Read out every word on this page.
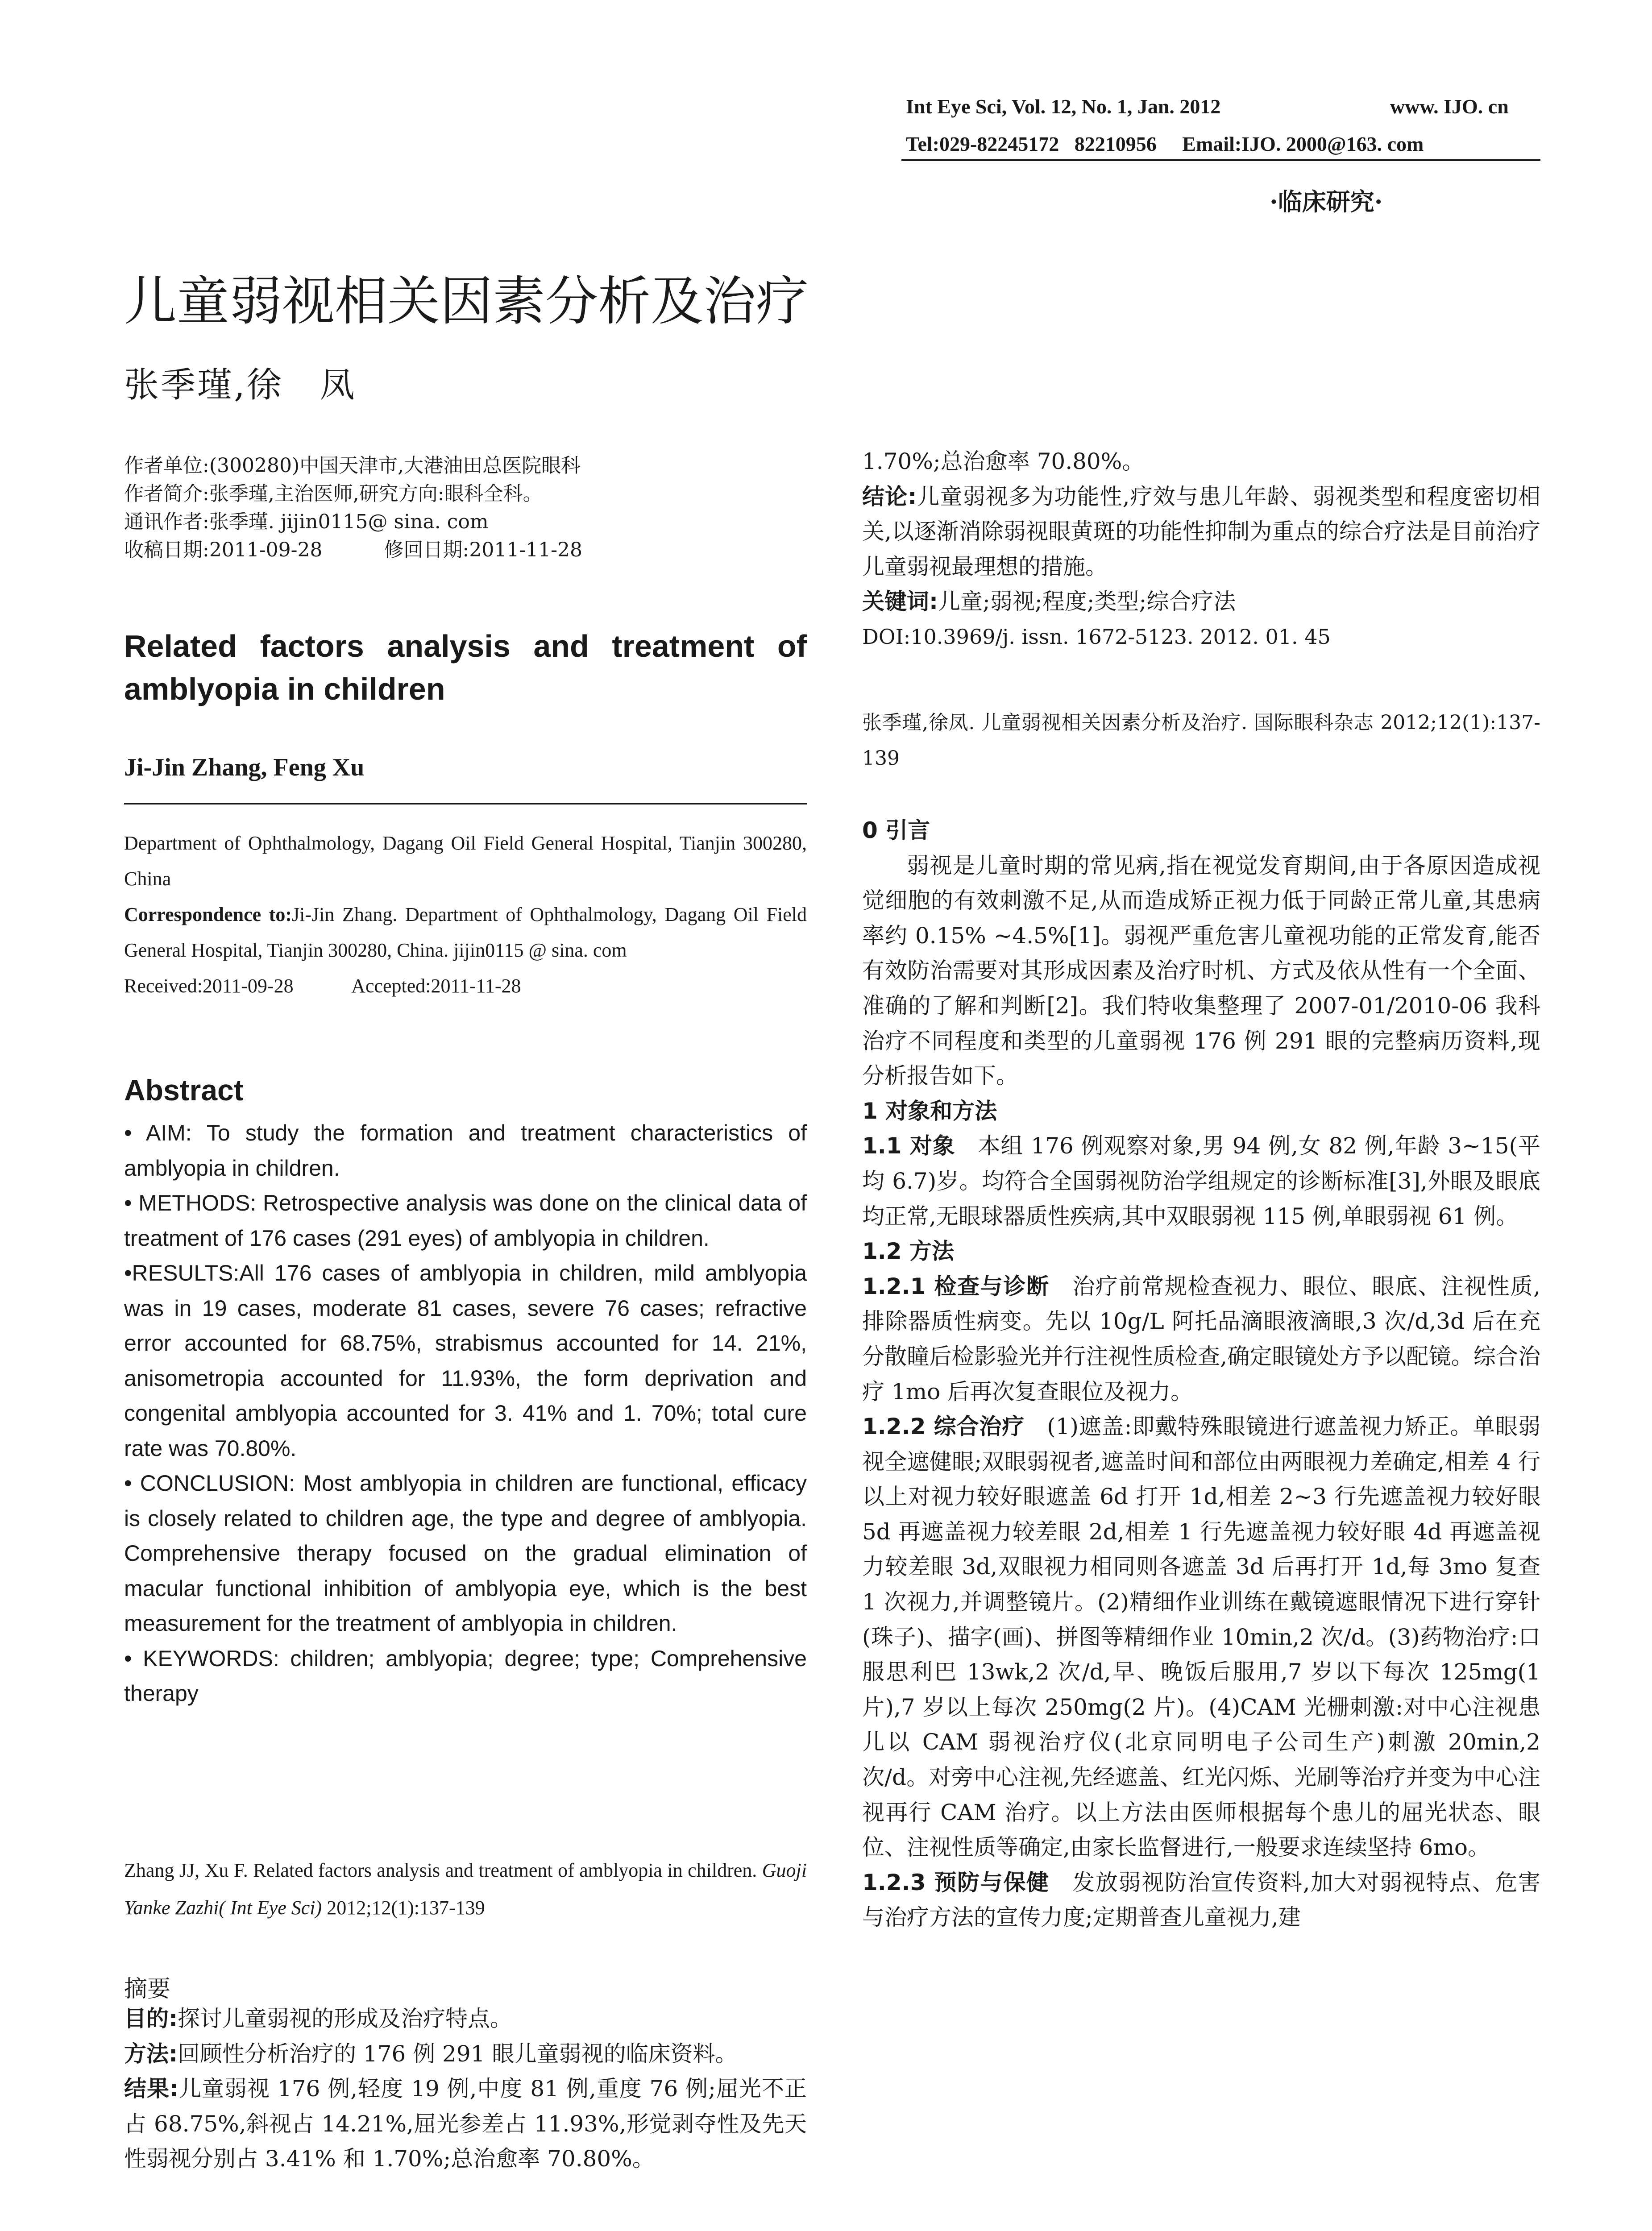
Int Eye Sci, Vol. 12, No. 1, Jan. 2012	www. IJO. cn
Tel:029-82245172   82210956     Email:IJO. 2000@163. com
·临床研究·
儿童弱视相关因素分析及治疗
张季瑾,徐　凤
作者单位:(300280)中国天津市,大港油田总医院眼科
作者简介:张季瑾,主治医师,研究方向:眼科全科。
通讯作者:张季瑾. jijin0115@ sina. com
收稿日期:2011-09-28	修回日期:2011-11-28
Related factors analysis and treatment of amblyopia in children
Ji-Jin Zhang, Feng Xu
Department of Ophthalmology, Dagang Oil Field General Hospital, Tianjin 300280, China
Correspondence to:Ji-Jin Zhang. Department of Ophthalmology, Dagang Oil Field General Hospital, Tianjin 300280, China. jijin0115 @ sina. com
Received:2011-09-28	Accepted:2011-11-28
Abstract

• AIM: To study the formation and treatment characteristics of amblyopia in children.

• METHODS: Retrospective analysis was done on the clinical data of treatment of 176 cases (291 eyes) of amblyopia in children.

•RESULTS:All 176 cases of amblyopia in children, mild amblyopia was in 19 cases, moderate 81 cases, severe 76 cases; refractive error accounted for 68.75%, strabismus accounted for 14. 21%, anisometropia accounted for 11.93%, the form deprivation and congenital amblyopia accounted for 3. 41% and 1. 70%; total cure rate was 70.80%.

• CONCLUSION: Most amblyopia in children are functional, efficacy is closely related to children age, the type and degree of amblyopia. Comprehensive therapy focused on the gradual elimination of macular functional inhibition of amblyopia eye, which is the best measurement for the treatment of amblyopia in children.

• KEYWORDS: children; amblyopia; degree; type; Comprehensive therapy

Zhang JJ, Xu F. Related factors analysis and treatment of amblyopia in children. Guoji Yanke Zazhi( Int Eye Sci) 2012;12(1):137-139
摘要

目的:探讨儿童弱视的形成及治疗特点。

方法:回顾性分析治疗的 176 例 291 眼儿童弱视的临床资料。

结果:儿童弱视 176 例,轻度 19 例,中度 81 例,重度 76 例;屈光不正占 68.75%,斜视占 14.21%,屈光参差占 11.93%,形觉剥夺性及先天性弱视分别占 3.41% 和 1.70%;总治愈率 70.80%。

1.70%;总治愈率 70.80%。

结论:儿童弱视多为功能性,疗效与患儿年龄、弱视类型和程度密切相关,以逐渐消除弱视眼黄斑的功能性抑制为重点的综合疗法是目前治疗儿童弱视最理想的措施。

关键词:儿童;弱视;程度;类型;综合疗法

DOI:10.3969/j. issn. 1672-5123. 2012. 01. 45

张季瑾,徐凤. 儿童弱视相关因素分析及治疗. 国际眼科杂志 2012;12(1):137-139

0 引言

弱视是儿童时期的常见病,指在视觉发育期间,由于各原因造成视觉细胞的有效刺激不足,从而造成矫正视力低于同龄正常儿童,其患病率约 0.15% ~4.5%[1]。弱视严重危害儿童视功能的正常发育,能否有效防治需要对其形成因素及治疗时机、方式及依从性有一个全面、准确的了解和判断[2]。我们特收集整理了 2007-01/2010-06 我科治疗不同程度和类型的儿童弱视 176 例 291 眼的完整病历资料,现分析报告如下。

1 对象和方法

1.1 对象 本组 176 例观察对象,男 94 例,女 82 例,年龄 3~15(平均 6.7)岁。均符合全国弱视防治学组规定的诊断标准[3],外眼及眼底均正常,无眼球器质性疾病,其中双眼弱视 115 例,单眼弱视 61 例。

1.2 方法

1.2.1 检查与诊断 治疗前常规检查视力、眼位、眼底、注视性质,排除器质性病变。先以 10g/L 阿托品滴眼液滴眼,3 次/d,3d 后在充分散瞳后检影验光并行注视性质检查,确定眼镜处方予以配镜。综合治疗 1mo 后再次复查眼位及视力。

1.2.2 综合治疗 (1)遮盖:即戴特殊眼镜进行遮盖视力矫正。单眼弱视全遮健眼;双眼弱视者,遮盖时间和部位由两眼视力差确定,相差 4 行以上对视力较好眼遮盖 6d 打开 1d,相差 2~3 行先遮盖视力较好眼 5d 再遮盖视力较差眼 2d,相差 1 行先遮盖视力较好眼 4d 再遮盖视力较差眼 3d,双眼视力相同则各遮盖 3d 后再打开 1d,每 3mo 复查 1 次视力,并调整镜片。(2)精细作业训练在戴镜遮眼情况下进行穿针(珠子)、描字(画)、拼图等精细作业 10min,2 次/d。(3)药物治疗:口服思利巴 13wk,2 次/d,早、晚饭后服用,7 岁以下每次 125mg(1 片),7 岁以上每次 250mg(2 片)。(4)CAM 光栅刺激:对中心注视患儿以 CAM 弱视治疗仪(北京同明电子公司生产)刺激 20min,2 次/d。对旁中心注视,先经遮盖、红光闪烁、光刷等治疗并变为中心注视再行 CAM 治疗。以上方法由医师根据每个患儿的屈光状态、眼位、注视性质等确定,由家长监督进行,一般要求连续坚持 6mo。

1.2.3 预防与保健 发放弱视防治宣传资料,加大对弱视特点、危害与治疗方法的宣传力度;定期普查儿童视力,建
